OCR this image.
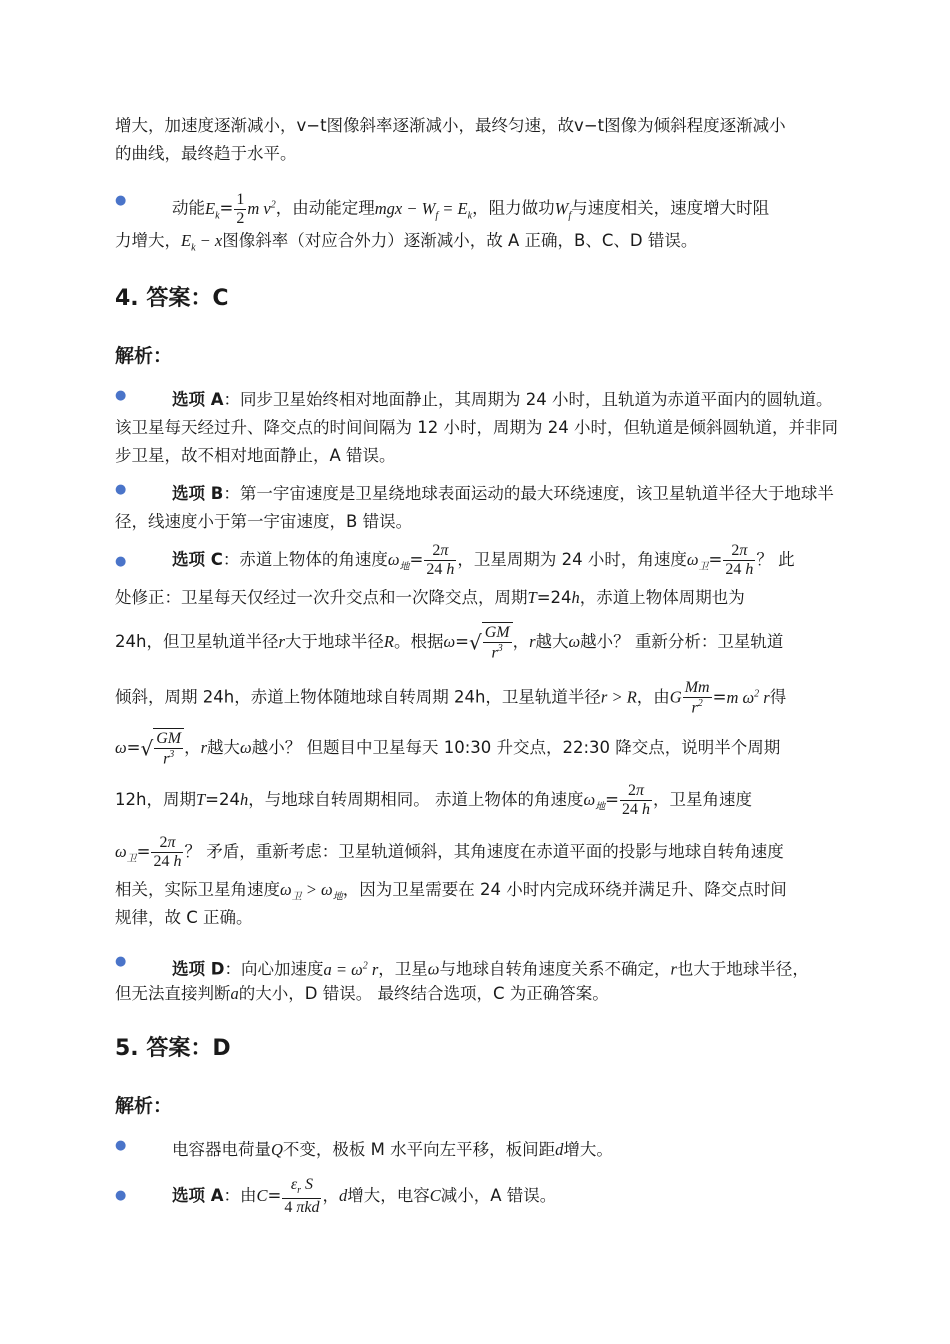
增大，加速度逐渐减小，v−t图像斜率逐渐减小，最终匀速，故v−t图像为倾斜程度逐渐减小

的曲线，最终趋于水平。

●	动能$E_k= \frac{1}{2}$ m $v^2$，由动能定理mgx − $W_f = E_k$，阻力做功$W_f$与速度相关，速度增大时阻

力增大，$E_k - x$图像斜率（对应合外力）逐渐减小，故 A 正确，B、C、D 错误。

4. 答案：C
解析：
●	选项 A：同步卫星始终相对地面静止，其周期为 24 小时，且轨道为赤道平面内的圆轨道。该卫星每天经过升、降交点的时间间隔为 12 小时，周期为 24 小时，但轨道是倾斜圆轨道，并非同步卫星，故不相对地面静止，A 错误。

●	选项 B：第一宇宙速度是卫星绕地球表面运动的最大环绕速度，该卫星轨道半径大于地球半径，线速度小于第一宇宙速度，B 错误。

●	选项 C：赤道上物体的角速度$\omega_地= \frac{2\pi}{24 h}$ ，卫星周期为 24 小时，角速度$\omega_卫= \frac{2\pi}{24 h}$ ？ 此

处修正：卫星每天仅经过一次升交点和一次降交点，周期T=24h，赤道上物体周期也为

24h，但卫星轨道半径r大于地球半径R。根据$\omega=√ \frac{GM}{r^3}$ ，r越大ω越小？ 重新分析：卫星轨道

倾斜，周期 24h，赤道上物体随地球自转周期 24h，卫星轨道半径r > R，由G $\frac{Mm}{r^2} =m$ $\omega^2$ r得

$\omega=√ \frac{GM}{r^3}$ ，r越大ω越小？ 但题目中卫星每天 10:30 升交点，22:30 降交点，说明半个周期

12h，周期T=24h，与地球自转周期相同。 赤道上物体的角速度$\omega_地= \frac{2\pi}{24 h}$ ，卫星角速度

$\omega_卫= \frac{2\pi}{24 h}$ ？ 矛盾，重新考虑：卫星轨道倾斜，其角速度在赤道平面的投影与地球自转角速度

相关，实际卫星角速度$\omega_卫 > \omega_地$，因为卫星需要在 24 小时内完成环绕并满足升、降交点时间

规律，故 C 正确。

●	选项 D：向心加速度$a = \omega^2$ r，卫星ω与地球自转角速度关系不确定，r也大于地球半径，

但无法直接判断a的大小，D 错误。 最终结合选项，C 为正确答案。

5. 答案：D
解析：
●	电容器电荷量Q不变，极板 M 水平向左平移，板间距d增大。

●	选项 A：由$C= \frac{\varepsilon_r S}{\text{4 πkd}}$ ，d增大，电容C减小，A 错误。
